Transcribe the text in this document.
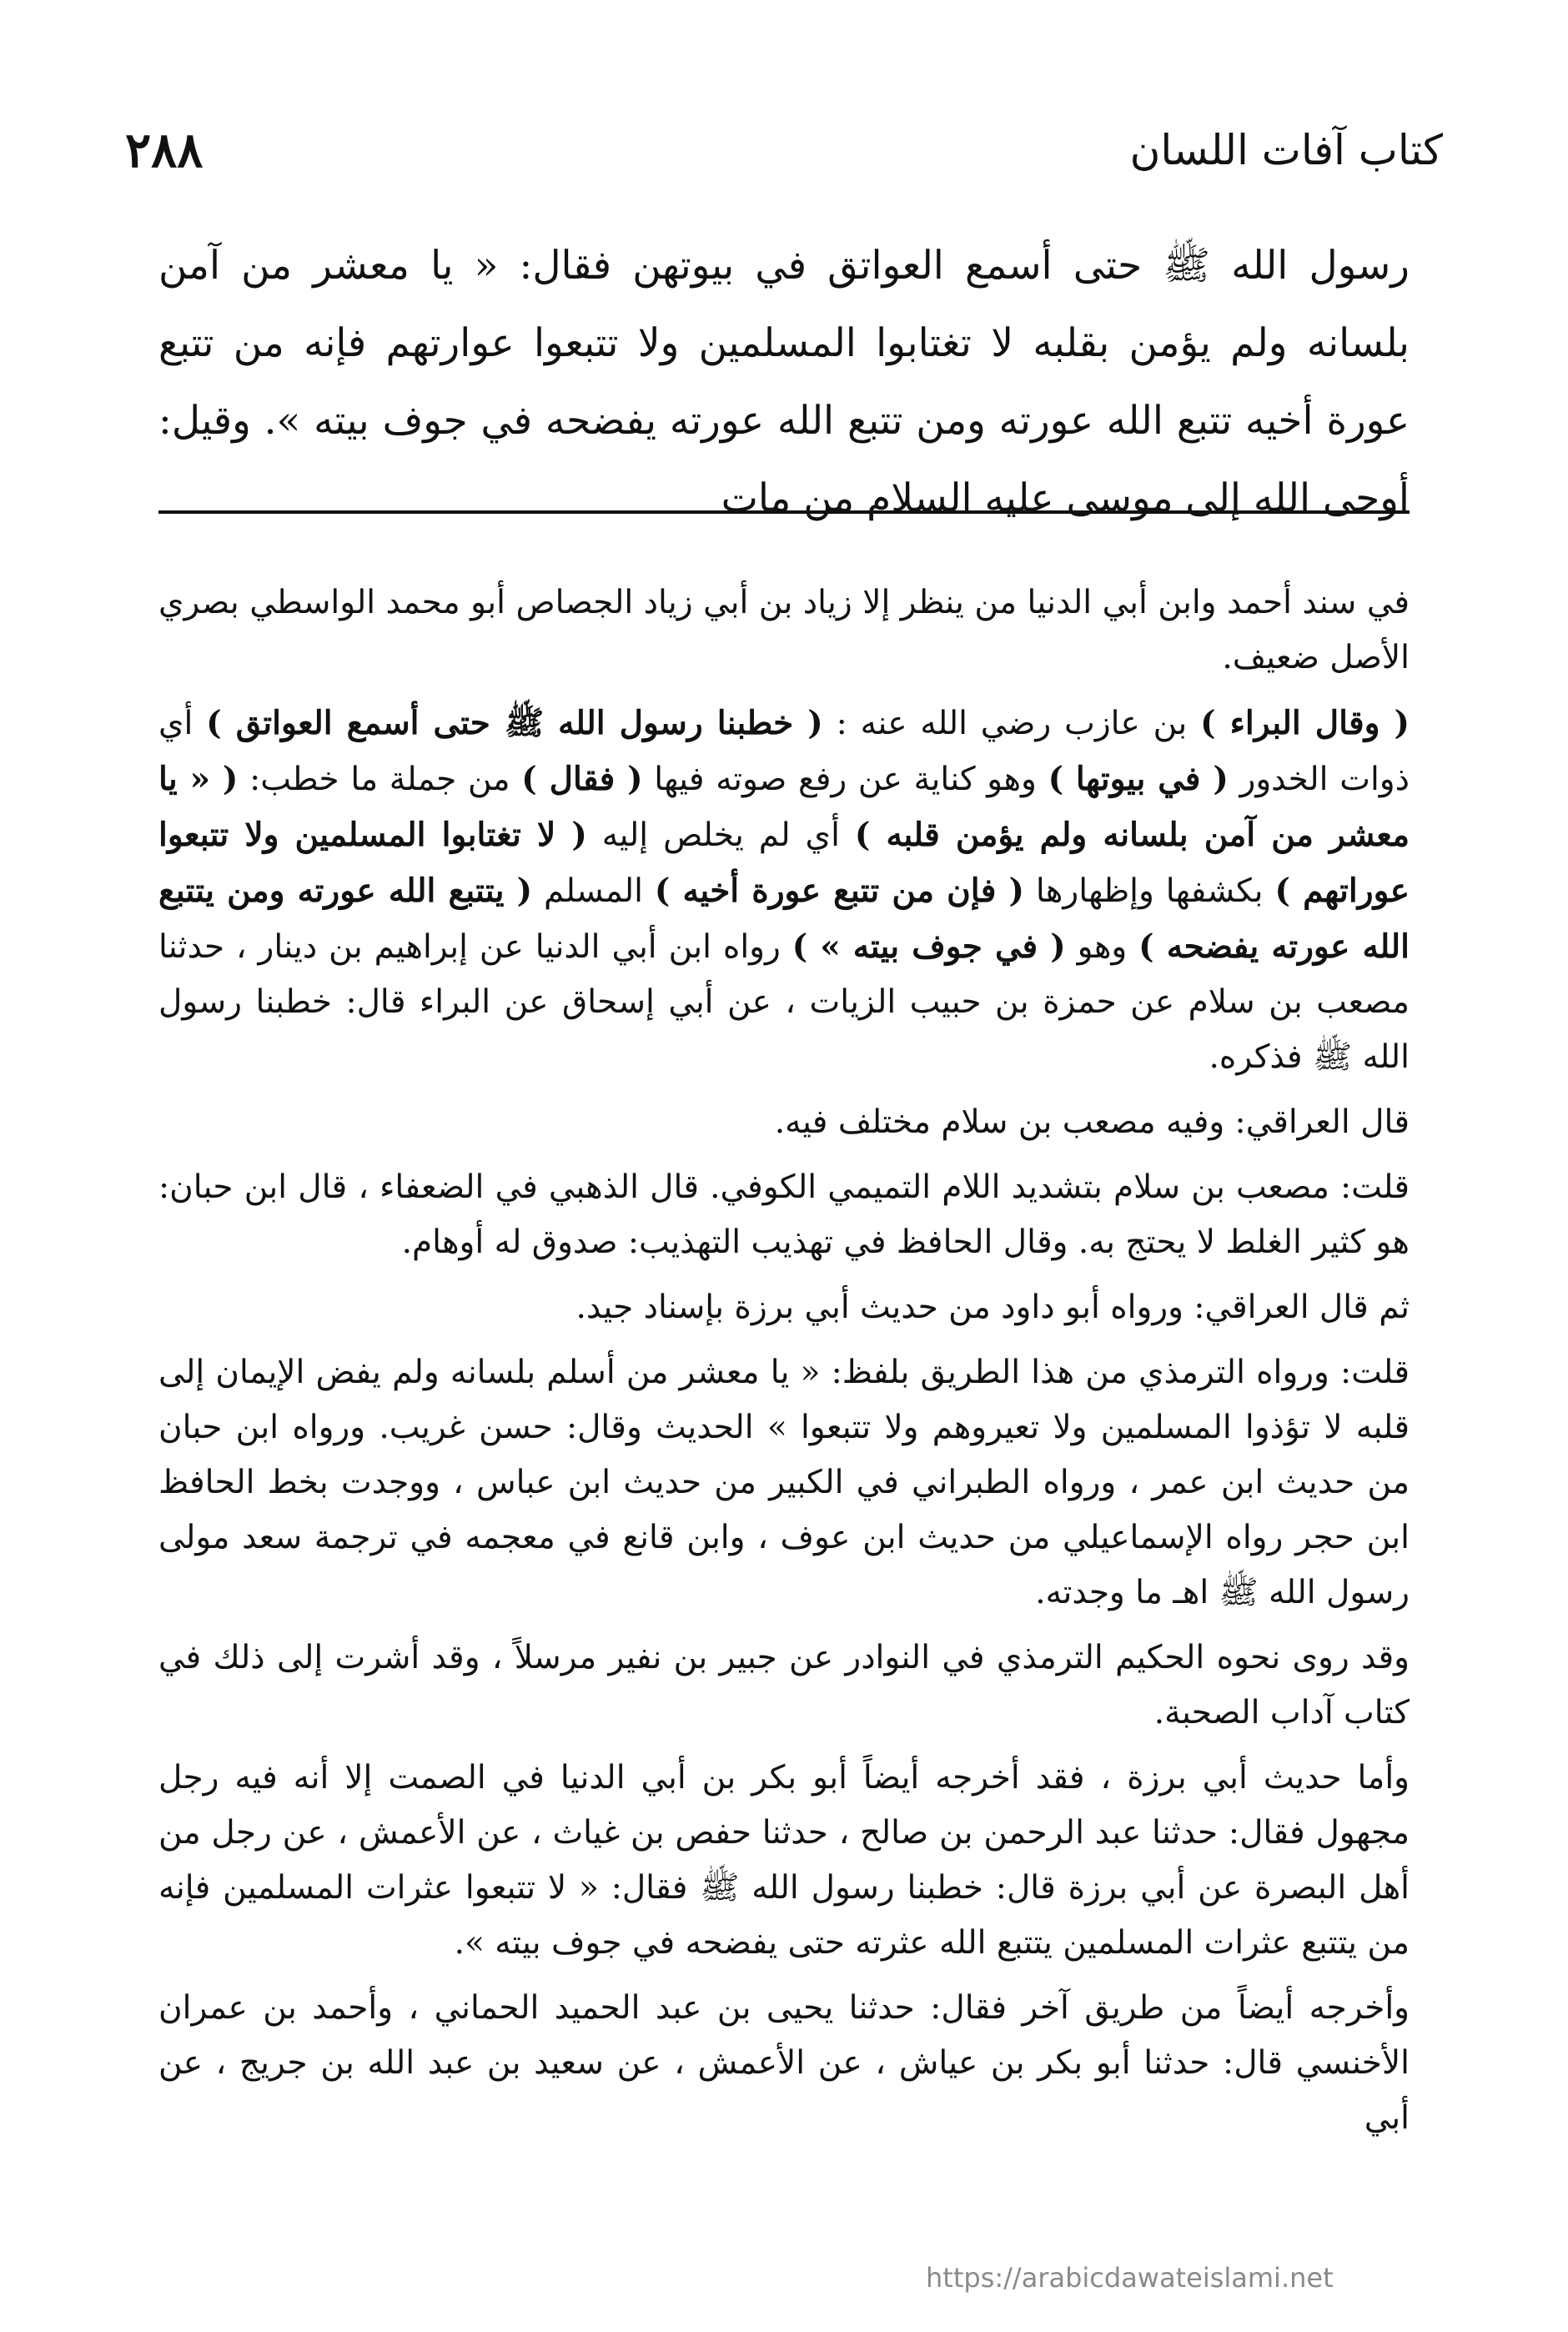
كتاب آفات اللسان
٢٨٨
رسول الله ﷺ حتى أسمع العواتق في بيوتهن فقال: « يا معشر من آمن بلسانه ولم يؤمن بقلبه لا تغتابوا المسلمين ولا تتبعوا عوارتهم فإنه من تتبع عورة أخيه تتبع الله عورته ومن تتبع الله عورته يفضحه في جوف بيته ». وقيل: أوحى الله إلى موسى عليه السلام من مات

في سند أحمد وابن أبي الدنيا من ينظر إلا زياد بن أبي زياد الجصاص أبو محمد الواسطي بصري الأصل ضعيف.

( وقال البراء ) بن عازب رضي الله عنه : ( خطبنا رسول الله ﷺ حتى أسمع العواتق ) أي ذوات الخدور ( في بيوتها ) وهو كناية عن رفع صوته فيها ( فقال ) من جملة ما خطب: ( « يا معشر من آمن بلسانه ولم يؤمن قلبه ) أي لم يخلص إليه ( لا تغتابوا المسلمين ولا تتبعوا عوراتهم ) بكشفها وإظهارها ( فإن من تتبع عورة أخيه ) المسلم ( يتتبع الله عورته ومن يتتبع الله عورته يفضحه ) وهو ( في جوف بيته » ) رواه ابن أبي الدنيا عن إبراهيم بن دينار ، حدثنا مصعب بن سلام عن حمزة بن حبيب الزيات ، عن أبي إسحاق عن البراء قال: خطبنا رسول الله ﷺ فذكره.

قال العراقي: وفيه مصعب بن سلام مختلف فيه.

قلت: مصعب بن سلام بتشديد اللام التميمي الكوفي. قال الذهبي في الضعفاء ، قال ابن حبان: هو كثير الغلط لا يحتج به. وقال الحافظ في تهذيب التهذيب: صدوق له أوهام.

ثم قال العراقي: ورواه أبو داود من حديث أبي برزة بإسناد جيد.

قلت: ورواه الترمذي من هذا الطريق بلفظ: « يا معشر من أسلم بلسانه ولم يفض الإيمان إلى قلبه لا تؤذوا المسلمين ولا تعيروهم ولا تتبعوا » الحديث وقال: حسن غريب. ورواه ابن حبان من حديث ابن عمر ، ورواه الطبراني في الكبير من حديث ابن عباس ، ووجدت بخط الحافظ ابن حجر رواه الإسماعيلي من حديث ابن عوف ، وابن قانع في معجمه في ترجمة سعد مولى رسول الله ﷺ اهـ ما وجدته.

وقد روى نحوه الحكيم الترمذي في النوادر عن جبير بن نفير مرسلاً ، وقد أشرت إلى ذلك في كتاب آداب الصحبة.

وأما حديث أبي برزة ، فقد أخرجه أيضاً أبو بكر بن أبي الدنيا في الصمت إلا أنه فيه رجل مجهول فقال: حدثنا عبد الرحمن بن صالح ، حدثنا حفص بن غياث ، عن الأعمش ، عن رجل من أهل البصرة عن أبي برزة قال: خطبنا رسول الله ﷺ فقال: « لا تتبعوا عثرات المسلمين فإنه من يتتبع عثرات المسلمين يتتبع الله عثرته حتى يفضحه في جوف بيته ».

وأخرجه أيضاً من طريق آخر فقال: حدثنا يحيى بن عبد الحميد الحماني ، وأحمد بن عمران الأخنسي قال: حدثنا أبو بكر بن عياش ، عن الأعمش ، عن سعيد بن عبد الله بن جريج ، عن أبي

https://arabicdawateislami.net
